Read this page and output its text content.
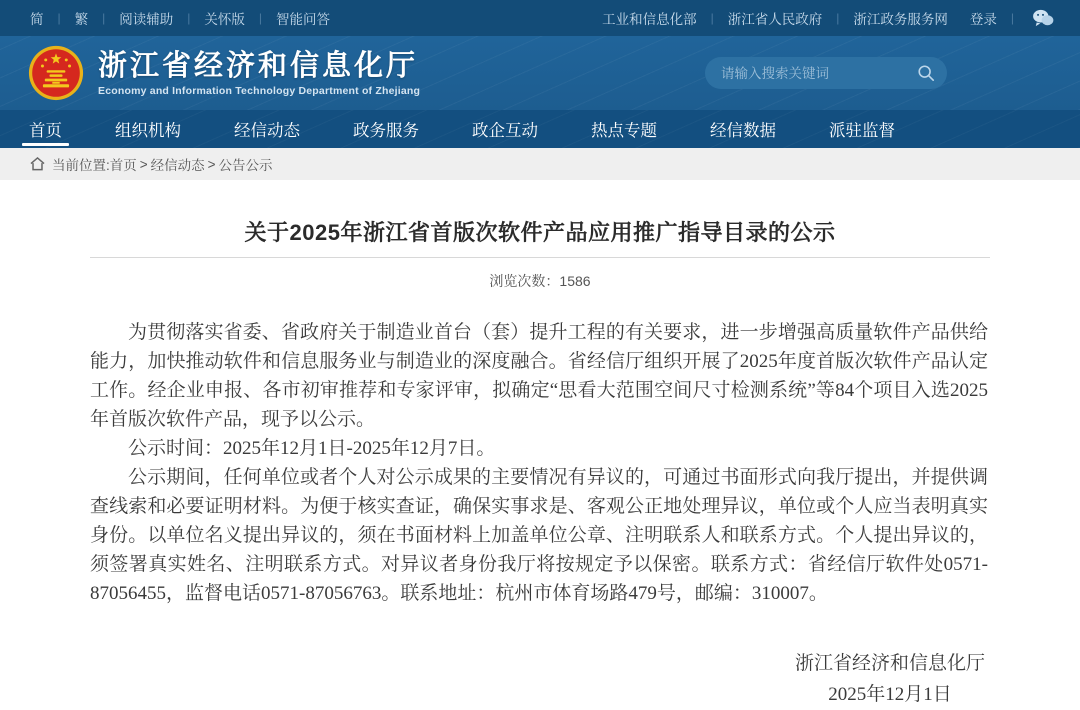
简 | 繁 | 阅读辅助 | 关怀版 | 智能问答	工业和信息化部 | 浙江省人民政府 | 浙江政务服务网 登录 |
浙江省经济和信息化厅
Economy and Information Technology Department of Zhejiang
请输入搜索关键词
首页	组织机构	经信动态	政务服务	政企互动	热点专题	经信数据	派驻监督
当前位置: 首页 > 经信动态 > 公告公示
关于2025年浙江省首版次软件产品应用推广指导目录的公示
浏览次数：1586

为贯彻落实省委、省政府关于制造业首台（套）提升工程的有关要求，进一步增强高质量软件产品供给能力，加快推动软件和信息服务业与制造业的深度融合。省经信厅组织开展了2025年度首版次软件产品认定工作。经企业申报、各市初审推荐和专家评审，拟确定“思看大范围空间尺寸检测系统”等84个项目入选2025年首版次软件产品，现予以公示。

公示时间：2025年12月1日-2025年12月7日。

公示期间，任何单位或者个人对公示成果的主要情况有异议的，可通过书面形式向我厅提出，并提供调查线索和必要证明材料。为便于核实查证，确保实事求是、客观公正地处理异议，单位或个人应当表明真实身份。以单位名义提出异议的，须在书面材料上加盖单位公章、注明联系人和联系方式。个人提出异议的，须签署真实姓名、注明联系方式。对异议者身份我厅将按规定予以保密。联系方式：省经信厅软件处0571-87056455，监督电话0571-87056763。联系地址：杭州市体育场路479号，邮编：310007。

浙江省经济和信息化厅
2025年12月1日
